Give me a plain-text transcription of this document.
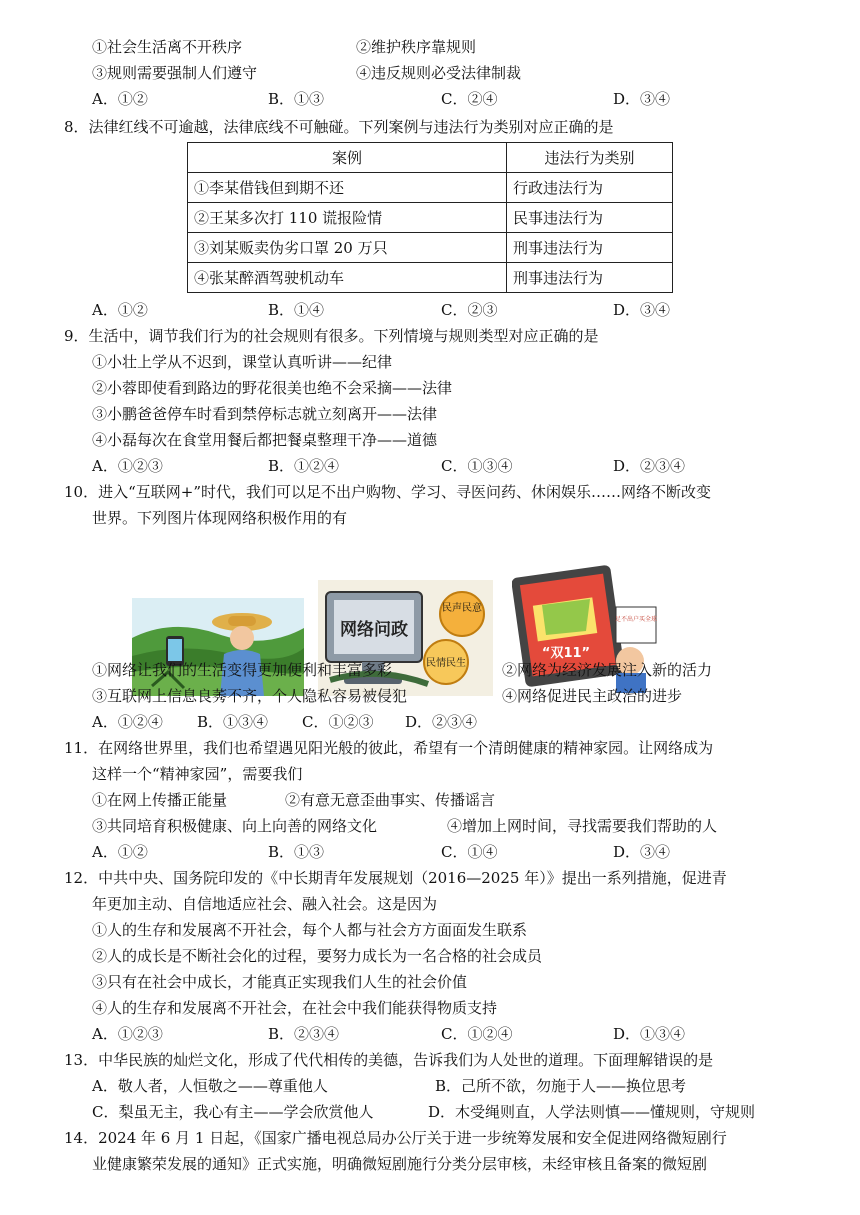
①社会生活离不开秩序	②维护秩序靠规则
③规则需要强制人们遵守	④违反规则必受法律制裁
A．①②	B．①③	C．②④	D．③④
8．法律红线不可逾越，法律底线不可触碰。下列案例与违法行为类别对应正确的是
案例	违法行为类别
①李某借钱但到期不还	行政违法行为
②王某多次打 110 谎报险情	民事违法行为
③刘某贩卖伪劣口罩 20 万只	刑事违法行为
④张某醉酒驾驶机动车	刑事违法行为
A．①②	B．①④	C．②③	D．③④
9．生活中，调节我们行为的社会规则有很多。下列情境与规则类型对应正确的是
①小壮上学从不迟到，课堂认真听讲——纪律
②小蓉即使看到路边的野花很美也绝不会采摘——法律
③小鹏爸爸停车时看到禁停标志就立刻离开——法律
④小磊每次在食堂用餐后都把餐桌整理干净——道德
A．①②③	B．①②④	C．①③④	D．②③④
10．进入“互联网+”时代，我们可以足不出户购物、学习、寻医问药、休闲娱乐……网络不断改变
世界。下列图片体现网络积极作用的有
网络问政
民声民意
民情民生
“双11”
足不出户买全球
①网络让我们的生活变得更加便利和丰富多彩	②网络为经济发展注入新的活力
③互联网上信息良莠不齐，个人隐私容易被侵犯	④网络促进民主政治的进步
A．①②④ B．①③④ C．①②③ D．②③④
11．在网络世界里，我们也希望遇见阳光般的彼此，希望有一个清朗健康的精神家园。让网络成为
这样一个“精神家园”，需要我们
①在网上传播正能量	②有意无意歪曲事实、传播谣言
③共同培育积极健康、向上向善的网络文化	④增加上网时间，寻找需要我们帮助的人
A．①②	B．①③	C．①④	D．③④
12．中共中央、国务院印发的《中长期青年发展规划（2016—2025 年）》提出一系列措施，促进青
年更加主动、自信地适应社会、融入社会。这是因为
①人的生存和发展离不开社会，每个人都与社会方方面面发生联系
②人的成长是不断社会化的过程，要努力成长为一名合格的社会成员
③只有在社会中成长，才能真正实现我们人生的社会价值
④人的生存和发展离不开社会，在社会中我们能获得物质支持
A．①②③	B．②③④	C．①②④	D．①③④
13．中华民族的灿烂文化，形成了代代相传的美德，告诉我们为人处世的道理。下面理解错误的是
A．敬人者，人恒敬之——尊重他人	B．己所不欲，勿施于人——换位思考
C．梨虽无主，我心有主——学会欣赏他人	D．木受绳则直，人学法则慎——懂规则，守规则
14．2024 年 6 月 1 日起，《国家广播电视总局办公厅关于进一步统筹发展和安全促进网络微短剧行
业健康繁荣发展的通知》正式实施，明确微短剧施行分类分层审核，未经审核且备案的微短剧
